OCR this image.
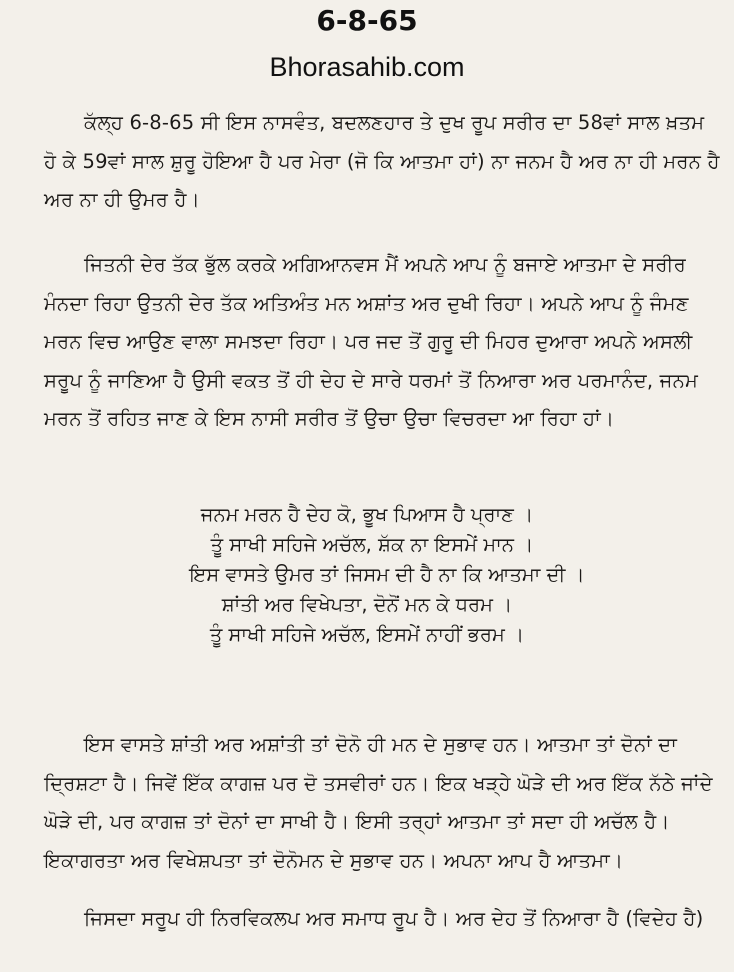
6-8-65
Bhorasahib.com

ਕੱਲ੍ਹ 6-8-65 ਸੀ ਇਸ ਨਾਸਵੰਤ, ਬਦਲਣਹਾਰ ਤੇ ਦੁਖ ਰੂਪ ਸਰੀਰ ਦਾ 58ਵਾਂ ਸਾਲ ਖ਼ਤਮ ਹੋ ਕੇ 59ਵਾਂ ਸਾਲ ਸ਼ੁਰੂ ਹੋਇਆ ਹੈ ਪਰ ਮੇਰਾ (ਜੋ ਕਿ ਆਤਮਾ ਹਾਂ) ਨਾ ਜਨਮ ਹੈ ਅਰ ਨਾ ਹੀ ਮਰਨ ਹੈ ਅਰ ਨਾ ਹੀ ਉਮਰ ਹੈ।

ਜਿਤਨੀ ਦੇਰ ਤੱਕ ਭੁੱਲ ਕਰਕੇ ਅਗਿਆਨਵਸ ਮੈਂ ਅਪਨੇ ਆਪ ਨੂੰ ਬਜਾਏ ਆਤਮਾ ਦੇ ਸਰੀਰ ਮੰਨਦਾ ਰਿਹਾ ਉਤਨੀ ਦੇਰ ਤੱਕ ਅਤਿਅੰਤ ਮਨ ਅਸ਼ਾਂਤ ਅਰ ਦੁਖੀ ਰਿਹਾ। ਅਪਨੇ ਆਪ ਨੂੰ ਜੰਮਣ ਮਰਨ ਵਿਚ ਆਉਣ ਵਾਲਾ ਸਮਝਦਾ ਰਿਹਾ। ਪਰ ਜਦ ਤੋਂ ਗੁਰੂ ਦੀ ਮਿਹਰ ਦੁਆਰਾ ਅਪਨੇ ਅਸਲੀ ਸਰੂਪ ਨੂੰ ਜਾਣਿਆ ਹੈ ਉਸੀ ਵਕਤ ਤੋਂ ਹੀ ਦੇਹ ਦੇ ਸਾਰੇ ਧਰਮਾਂ ਤੋਂ ਨਿਆਰਾ ਅਰ ਪਰਮਾਨੰਦ, ਜਨਮ ਮਰਨ ਤੋਂ ਰਹਿਤ ਜਾਣ ਕੇ ਇਸ ਨਾਸੀ ਸਰੀਰ ਤੋਂ ਉਚਾ ਉਚਾ ਵਿਚਰਦਾ ਆ ਰਿਹਾ ਹਾਂ।

ਜਨਮ ਮਰਨ ਹੈ ਦੇਹ ਕੋ, ਭੂਖ ਪਿਆਸ ਹੈ ਪ੍ਰਾਣ ।
ਤੂੰ ਸਾਖੀ ਸਹਿਜੇ ਅਚੱਲ, ਸ਼ੱਕ ਨਾ ਇਸਮੇਂ ਮਾਨ ।
ਇਸ ਵਾਸਤੇ ਉਮਰ ਤਾਂ ਜਿਸਮ ਦੀ ਹੈ ਨਾ ਕਿ ਆਤਮਾ ਦੀ ।
ਸ਼ਾਂਤੀ ਅਰ ਵਿਖੇਪਤਾ, ਦੋਨੋਂ ਮਨ ਕੇ ਧਰਮ ।
ਤੂੰ ਸਾਖੀ ਸਹਿਜੇ ਅਚੱਲ, ਇਸਮੇਂ ਨਾਹੀਂ ਭਰਮ ।

ਇਸ ਵਾਸਤੇ ਸ਼ਾਂਤੀ ਅਰ ਅਸ਼ਾਂਤੀ ਤਾਂ ਦੋਨੋ ਹੀ ਮਨ ਦੇ ਸੁਭਾਵ ਹਨ। ਆਤਮਾ ਤਾਂ ਦੋਨਾਂ ਦਾ ਦ੍ਰਿਸ਼ਟਾ ਹੈ। ਜਿਵੇਂ ਇੱਕ ਕਾਗਜ਼ ਪਰ ਦੋ ਤਸਵੀਰਾਂ ਹਨ। ਇਕ ਖੜ੍ਹੇ ਘੋੜੇ ਦੀ ਅਰ ਇੱਕ ਨੱਠੇ ਜਾਂਦੇ ਘੋੜੇ ਦੀ, ਪਰ ਕਾਗਜ਼ ਤਾਂ ਦੋਨਾਂ ਦਾ ਸਾਖੀ ਹੈ। ਇਸੀ ਤਰ੍ਹਾਂ ਆਤਮਾ ਤਾਂ ਸਦਾ ਹੀ ਅਚੱਲ ਹੈ। ਇਕਾਗਰਤਾ ਅਰ ਵਿਖੇਸ਼ਪਤਾ ਤਾਂ ਦੋਨੋਮਨ ਦੇ ਸੁਭਾਵ ਹਨ। ਅਪਨਾ ਆਪ ਹੈ ਆਤਮਾ।

ਜਿਸਦਾ ਸਰੂਪ ਹੀ ਨਿਰਵਿਕਲਪ ਅਰ ਸਮਾਧ ਰੂਪ ਹੈ। ਅਰ ਦੇਹ ਤੋਂ ਨਿਆਰਾ ਹੈ (ਵਿਦੇਹ ਹੈ)
